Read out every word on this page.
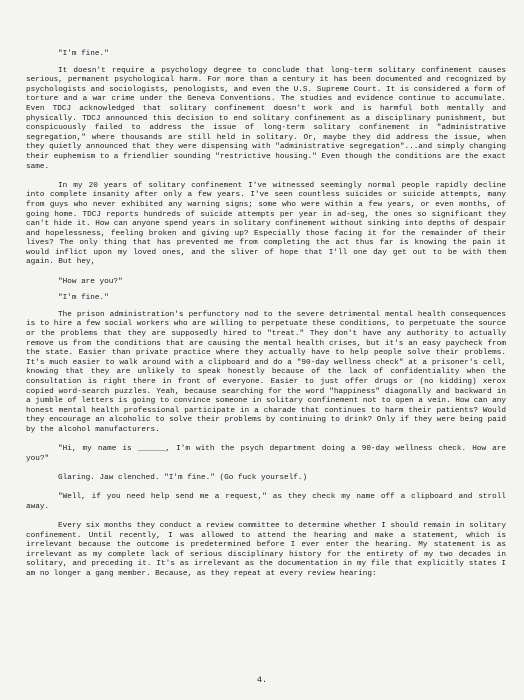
"I'm fine."

It doesn't require a psychology degree to conclude that long-term solitary confinement causes serious, permanent psychological harm. For more than a century it has been documented and recognized by psychologists and sociologists, penologists, and even the U.S. Supreme Court. It is considered a form of torture and a war crime under the Geneva Conventions. The studies and evidence continue to accumulate. Even TDCJ acknowledged that solitary confinement doesn't work and is harmful both mentally and physically. TDCJ announced this decision to end solitary confinement as a disciplinary punishment, but conspicuously failed to address the issue of long-term solitary confinement in "administrative segregation," where thousands are still held in solitary. Or, maybe they did address the issue, when they quietly announced that they were dispensing with "administrative segregation"...and simply changing their euphemism to a friendlier sounding "restrictive housing." Even though the conditions are the exact same.

In my 20 years of solitary confinement I've witnessed seemingly normal people rapidly decline into complete insanity after only a few years. I've seen countless suicides or suicide attempts, many from guys who never exhibited any warning signs; some who were within a few years, or even months, of going home. TDCJ reports hundreds of suicide attempts per year in ad-seg, the ones so significant they can't hide it. How can anyone spend years in solitary confinement without sinking into depths of despair and hopelessness, feeling broken and giving up? Especially those facing it for the remainder of their lives? The only thing that has prevented me from completing the act thus far is knowing the pain it would inflict upon my loved ones, and the sliver of hope that I'll one day get out to be with them again. But hey,

"How are you?"

"I'm fine."

The prison administration's perfunctory nod to the severe detrimental mental health consequences is to hire a few social workers who are willing to perpetuate these conditions, to perpetuate the source or the problems that they are supposedly hired to "treat." They don't have any authority to actually remove us from the conditions that are causing the mental health crises, but it's an easy paycheck from the state. Easier than private practice where they actually have to help people solve their problems. It's much easier to walk around with a clipboard and do a "90-day wellness check" at a prisoner's cell, knowing that they are unlikely to speak honestly because of the lack of confidentiality when the consultation is right there in front of everyone. Easier to just offer drugs or (no kidding) xerox copied word-search puzzles. Yeah, because searching for the word "happiness" diagonally and backward in a jumble of letters is going to convince someone in solitary confinement not to open a vein. How can any honest mental health professional participate in a charade that continues to harm their patients? Would they encourage an alcoholic to solve their problems by continuing to drink? Only if they were being paid by the alcohol manufacturers.

"Hi, my name is ______, I'm with the psych department doing a 90-day wellness check. How are you?"

Glaring. Jaw clenched. "I'm fine." (Go fuck yourself.)

"Well, if you need help send me a request," as they check my name off a clipboard and stroll away.

Every six months they conduct a review committee to determine whether I should remain in solitary confinement. Until recently, I was allowed to attend the hearing and make a statement, which is irrelevant because the outcome is predetermined before I ever enter the hearing. My statement is as irrelevant as my complete lack of serious disciplinary history for the entirety of my two decades in solitary, and preceding it. It's as irrelevant as the documentation in my file that explicitly states I am no longer a gang member. Because, as they repeat at every review hearing:

4.
